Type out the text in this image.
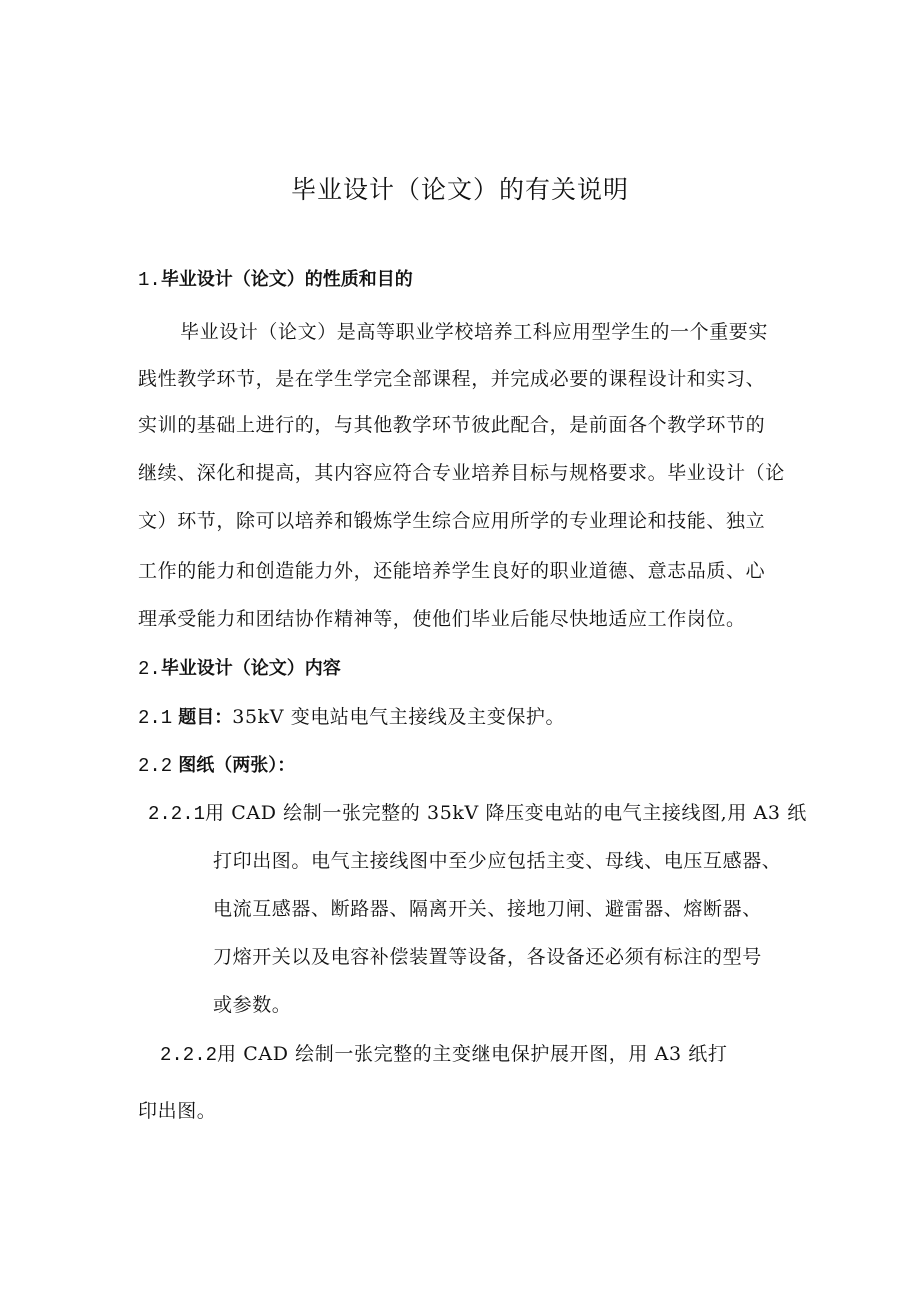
毕业设计（论文）的有关说明
1.毕业设计（论文）的性质和目的
毕业设计（论文）是高等职业学校培养工科应用型学生的一个重要实
践性教学环节，是在学生学完全部课程，并完成必要的课程设计和实习、
实训的基础上进行的，与其他教学环节彼此配合，是前面各个教学环节的
继续、深化和提高，其内容应符合专业培养目标与规格要求。毕业设计（论
文）环节，除可以培养和锻炼学生综合应用所学的专业理论和技能、独立
工作的能力和创造能力外，还能培养学生良好的职业道德、意志品质、心
理承受能力和团结协作精神等，使他们毕业后能尽快地适应工作岗位。
2.毕业设计（论文）内容
2.1 题目：35kV 变电站电气主接线及主变保护。
2.2 图纸（两张）：
2.2.1用 CAD 绘制一张完整的 35kV 降压变电站的电气主接线图,用 A3 纸
打印出图。电气主接线图中至少应包括主变、母线、电压互感器、
电流互感器、断路器、隔离开关、接地刀闸、避雷器、熔断器、
刀熔开关以及电容补偿装置等设备，各设备还必须有标注的型号
或参数。
2.2.2用 CAD 绘制一张完整的主变继电保护展开图，用 A3 纸打
印出图。
